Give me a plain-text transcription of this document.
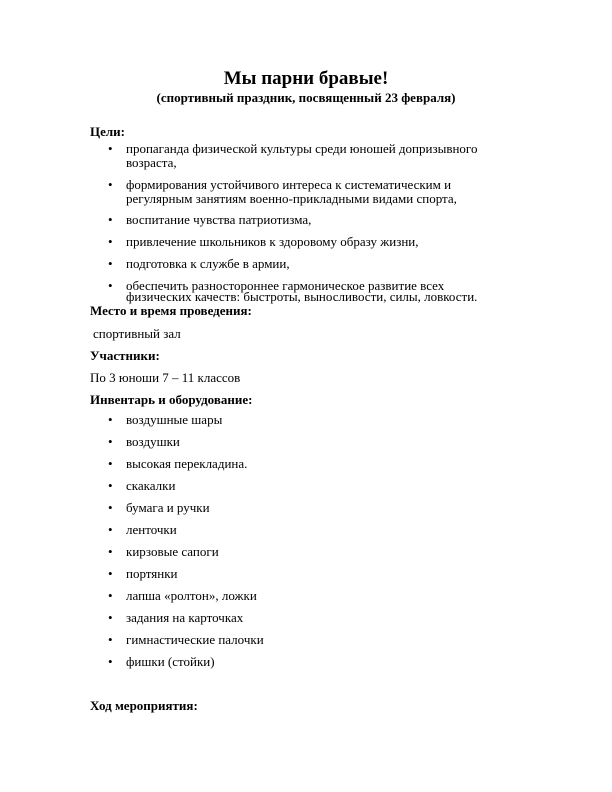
Мы парни бравые!
(спортивный праздник, посвященный 23 февраля)
Цели:
•	пропаганда физической культуры среди юношей допризывного
возраста,
•	формирования устойчивого интереса к систематическим и
регулярным занятиям военно-прикладными видами спорта,
•	воспитание чувства патриотизма,
•	привлечение школьников к здоровому образу жизни,
•	подготовка к службе в армии,
•	обеспечить разностороннее гармоническое развитие всех
физических качеств: быстроты, выносливости, силы, ловкости.
Место и время проведения:
спортивный зал
Участники:
По 3 юноши 7 – 11 классов
Инвентарь и оборудование:
•	воздушные шары
•	воздушки
•	высокая перекладина.
•	скакалки
•	бумага и ручки
•	ленточки
•	кирзовые сапоги
•	портянки
•	лапша «ролтон», ложки
•	задания на карточках
•	гимнастические палочки
•	фишки (стойки)
Ход мероприятия:
